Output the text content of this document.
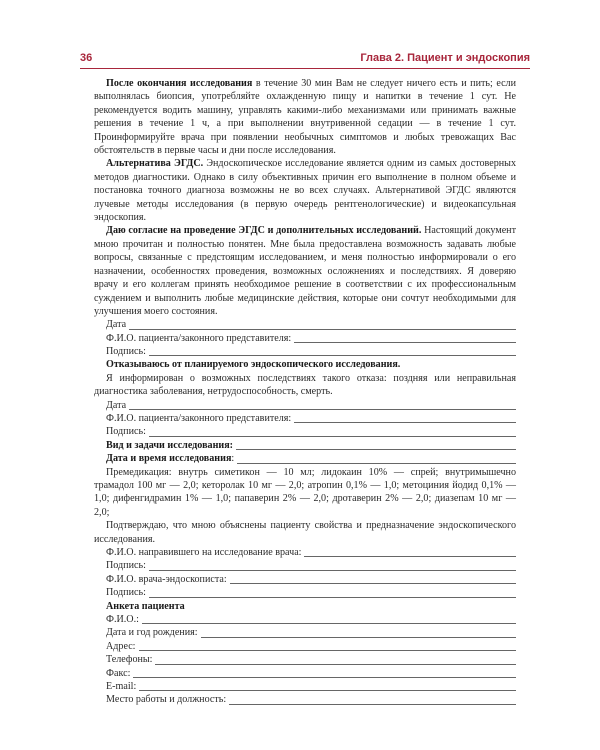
36	Глава 2. Пациент и эндоскопия

После окончания исследования в течение 30 мин Вам не следует ничего есть и пить; если выполнялась биопсия, употребляйте охлажденную пищу и напитки в течение 1 сут. Не рекомендуется водить машину, управлять какими-либо механизмами или принимать важные решения в течение 1 ч, а при выполнении внутривенной седации — в течение 1 сут. Проинформируйте врача при появлении необычных симптомов и любых тревожащих Вас обстоятельств в первые часы и дни после исследования.

Альтернатива ЭГДС. Эндоскопическое исследование является одним из самых достоверных методов диагностики. Однако в силу объективных причин его выполнение в полном объеме и постановка точного диагноза возможны не во всех случаях. Альтернативой ЭГДС являются лучевые методы исследования (в первую очередь рентгенологические) и видеокапсульная эндоскопия.

Даю согласие на проведение ЭГДС и дополнительных исследований. Настоящий документ мною прочитан и полностью понятен. Мне была предоставлена возможность задавать любые вопросы, связанные с предстоящим исследованием, и меня полностью информировали о его назначении, особенностях проведения, возможных осложнениях и последствиях. Я доверяю врачу и его коллегам принять необходимое решение в соответствии с их профессиональным суждением и выполнить любые медицинские действия, которые они сочтут необходимыми для улучшения моего состояния.

Дата
Ф.И.О. пациента/законного представителя:
Подпись:
Отказываюсь от планируемого эндоскопического исследования.

Я информирован о возможных последствиях такого отказа: поздняя или неправильная диагностика заболевания, нетрудоспособность, смерть.

Дата
Ф.И.О. пациента/законного представителя:
Подпись:
Вид и задачи исследования:
Дата и время исследования:

Премедикация: внутрь симетикон — 10 мл; лидокаин 10% — спрей; внутримышечно трамадол 100 мг — 2,0; кеторолак 10 мг — 2,0; атропин 0,1% — 1,0; метоциния йодид 0,1% — 1,0; дифенгидрамин 1% — 1,0; папаверин 2% — 2,0; дротаверин 2% — 2,0; диазепам 10 мг — 2,0;

Подтверждаю, что мною объяснены пациенту свойства и предназначение эндоскопического исследования.

Ф.И.О. направившего на исследование врача:
Подпись:
Ф.И.О. врача-эндоскописта:
Подпись:
Анкета пациента
Ф.И.О.:
Дата и год рождения:
Адрес:
Телефоны:
Факс:
E-mail:
Место работы и должность:
